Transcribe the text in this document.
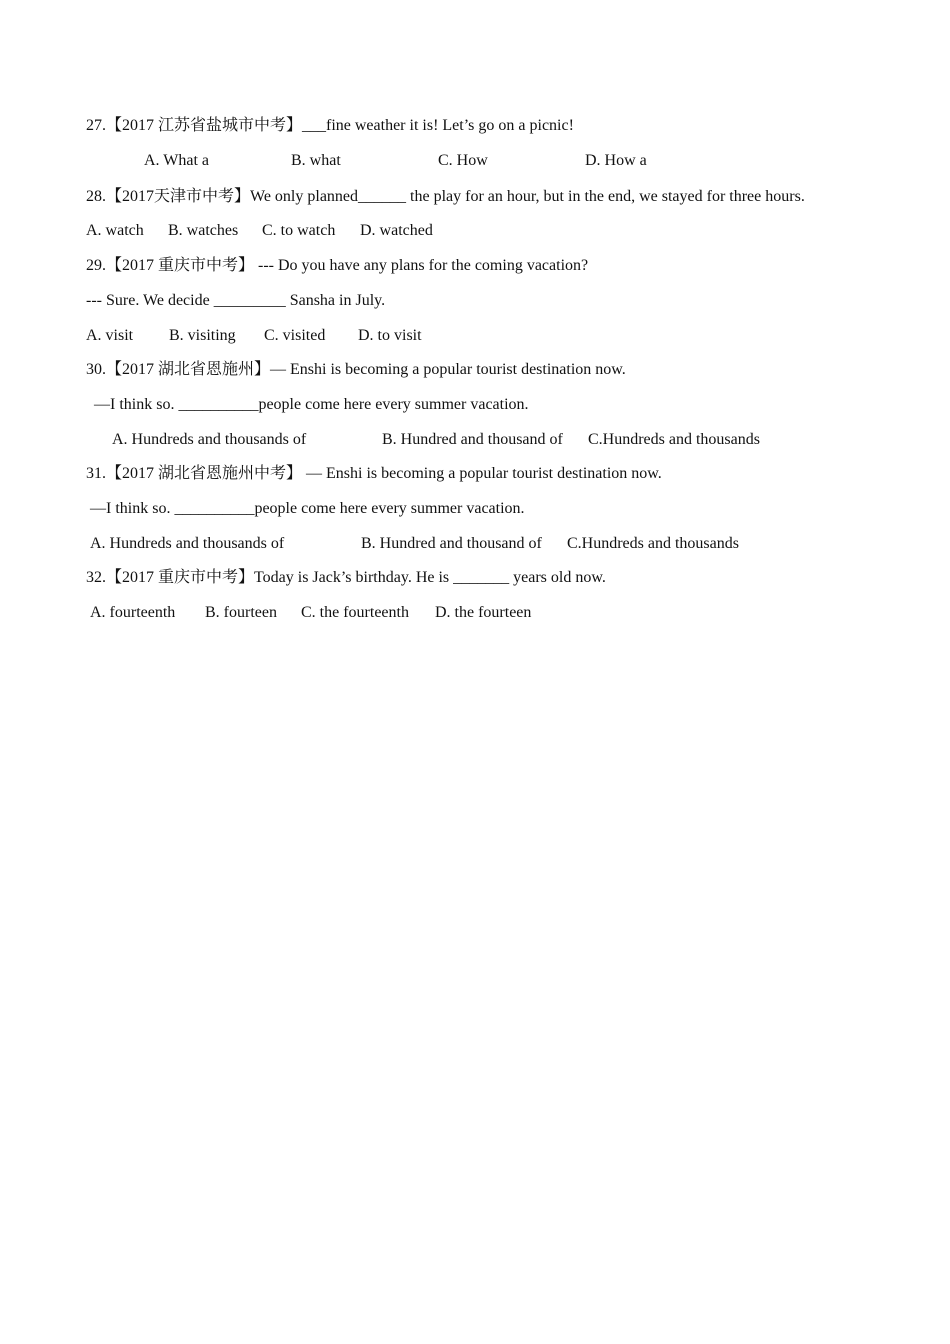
27.【2017 江苏省盐城市中考】___fine weather it is! Let’s go on a picnic!
A. What a	B. what	C. How	D. How a
28.【2017天津市中考】We only planned______ the play for an hour, but in the end, we stayed for three hours.
A. watch B. watches C. to watch D. watched
29.【2017 重庆市中考】 --- Do you have any plans for the coming vacation?
--- Sure. We decide _________ Sansha in July.
A. visit B. visiting C. visited D. to visit
30.【2017 湖北省恩施州】— Enshi is becoming a popular tourist destination now.
—I think so. __________people come here every summer vacation.
A. Hundreds and thousands of	B. Hundred and thousand of C.Hundreds and thousands
31.【2017 湖北省恩施州中考】 — Enshi is becoming a popular tourist destination now.
—I think so. __________people come here every summer vacation.
A. Hundreds and thousands of	B. Hundred and thousand of C.Hundreds and thousands
32.【2017 重庆市中考】Today is Jack’s birthday. He is _______ years old now.
A. fourteenth B. fourteen C. the fourteenth D. the fourteen
